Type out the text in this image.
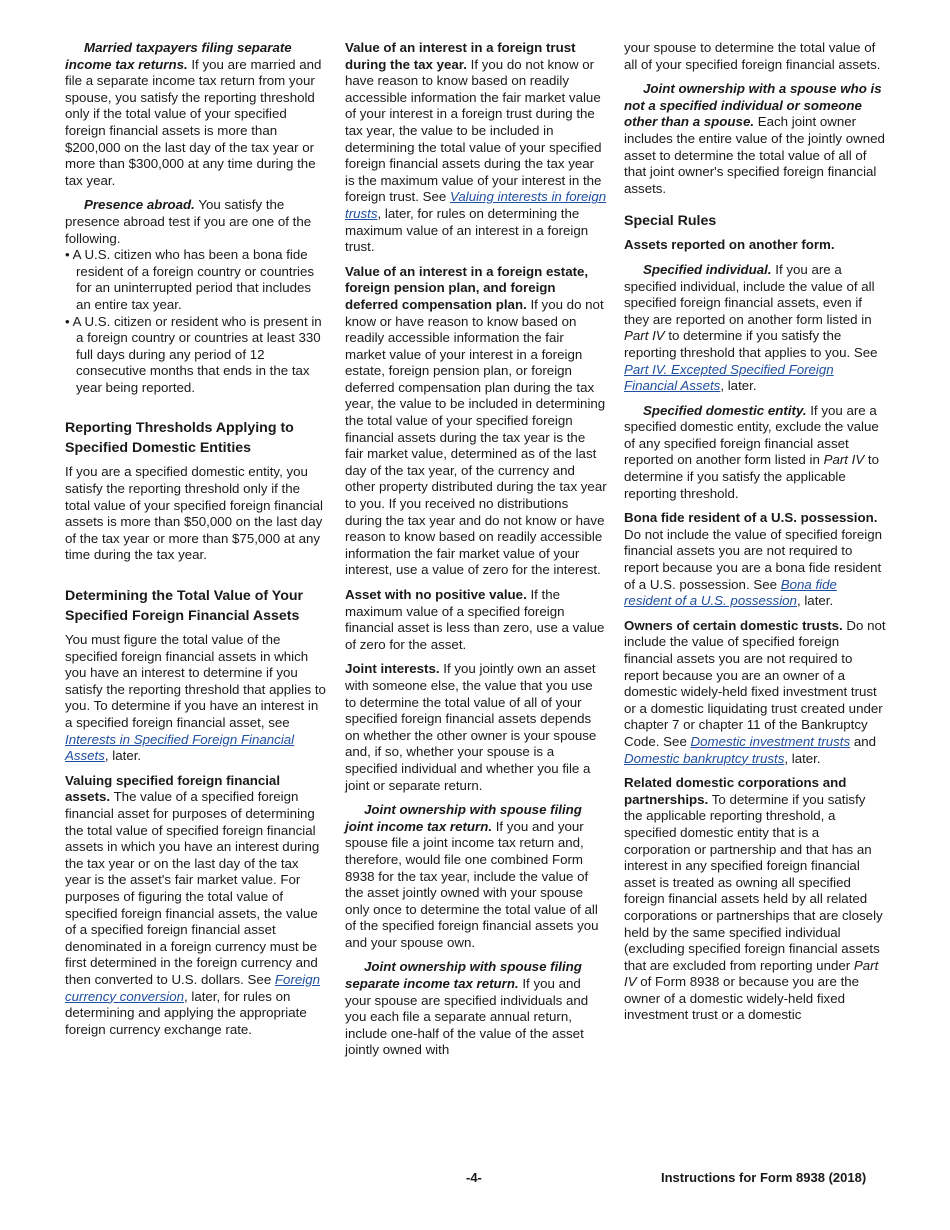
Married taxpayers filing separate income tax returns. If you are married and file a separate income tax return from your spouse, you satisfy the reporting threshold only if the total value of your specified foreign financial assets is more than $200,000 on the last day of the tax year or more than $300,000 at any time during the tax year.

Presence abroad. You satisfy the presence abroad test if you are one of the following.

• A U.S. citizen who has been a bona fide resident of a foreign country or countries for an uninterrupted period that includes an entire tax year.

• A U.S. citizen or resident who is present in a foreign country or countries at least 330 full days during any period of 12 consecutive months that ends in the tax year being reported.

Reporting Thresholds Applying to Specified Domestic Entities

If you are a specified domestic entity, you satisfy the reporting threshold only if the total value of your specified foreign financial assets is more than $50,000 on the last day of the tax year or more than $75,000 at any time during the tax year.

Determining the Total Value of Your Specified Foreign Financial Assets

You must figure the total value of the specified foreign financial assets in which you have an interest to determine if you satisfy the reporting threshold that applies to you. To determine if you have an interest in a specified foreign financial asset, see Interests in Specified Foreign Financial Assets, later.

Valuing specified foreign financial assets. The value of a specified foreign financial asset for purposes of determining the total value of specified foreign financial assets in which you have an interest during the tax year or on the last day of the tax year is the asset's fair market value. For purposes of figuring the total value of specified foreign financial assets, the value of a specified foreign financial asset denominated in a foreign currency must be first determined in the foreign currency and then converted to U.S. dollars. See Foreign currency conversion, later, for rules on determining and applying the appropriate foreign currency exchange rate.

Value of an interest in a foreign trust during the tax year. If you do not know or have reason to know based on readily accessible information the fair market value of your interest in a foreign trust during the tax year, the value to be included in determining the total value of your specified foreign financial assets during the tax year is the maximum value of your interest in the foreign trust. See Valuing interests in foreign trusts, later, for rules on determining the maximum value of an interest in a foreign trust.

Value of an interest in a foreign estate, foreign pension plan, and foreign deferred compensation plan. If you do not know or have reason to know based on readily accessible information the fair market value of your interest in a foreign estate, foreign pension plan, or foreign deferred compensation plan during the tax year, the value to be included in determining the total value of your specified foreign financial assets during the tax year is the fair market value, determined as of the last day of the tax year, of the currency and other property distributed during the tax year to you. If you received no distributions during the tax year and do not know or have reason to know based on readily accessible information the fair market value of your interest, use a value of zero for the interest.

Asset with no positive value. If the maximum value of a specified foreign financial asset is less than zero, use a value of zero for the asset.

Joint interests. If you jointly own an asset with someone else, the value that you use to determine the total value of all of your specified foreign financial assets depends on whether the other owner is your spouse and, if so, whether your spouse is a specified individual and whether you file a joint or separate return.

Joint ownership with spouse filing joint income tax return. If you and your spouse file a joint income tax return and, therefore, would file one combined Form 8938 for the tax year, include the value of the asset jointly owned with your spouse only once to determine the total value of all of the specified foreign financial assets you and your spouse own.

Joint ownership with spouse filing separate income tax return. If you and your spouse are specified individuals and you each file a separate annual return, include one-half of the value of the asset jointly owned with

your spouse to determine the total value of all of your specified foreign financial assets.

Joint ownership with a spouse who is not a specified individual or someone other than a spouse. Each joint owner includes the entire value of the jointly owned asset to determine the total value of all of that joint owner's specified foreign financial assets.

Special Rules
Assets reported on another form.

Specified individual. If you are a specified individual, include the value of all specified foreign financial assets, even if they are reported on another form listed in Part IV to determine if you satisfy the reporting threshold that applies to you. See Part IV. Excepted Specified Foreign Financial Assets, later.

Specified domestic entity. If you are a specified domestic entity, exclude the value of any specified foreign financial asset reported on another form listed in Part IV to determine if you satisfy the applicable reporting threshold.

Bona fide resident of a U.S. possession. Do not include the value of specified foreign financial assets you are not required to report because you are a bona fide resident of a U.S. possession. See Bona fide resident of a U.S. possession, later.

Owners of certain domestic trusts. Do not include the value of specified foreign financial assets you are not required to report because you are an owner of a domestic widely-held fixed investment trust or a domestic liquidating trust created under chapter 7 or chapter 11 of the Bankruptcy Code. See Domestic investment trusts and Domestic bankruptcy trusts, later.

Related domestic corporations and partnerships. To determine if you satisfy the applicable reporting threshold, a specified domestic entity that is a corporation or partnership and that has an interest in any specified foreign financial asset is treated as owning all specified foreign financial assets held by all related corporations or partnerships that are closely held by the same specified individual (excluding specified foreign financial assets that are excluded from reporting under Part IV of Form 8938 or because you are the owner of a domestic widely-held fixed investment trust or a domestic

-4-	Instructions for Form 8938 (2018)
